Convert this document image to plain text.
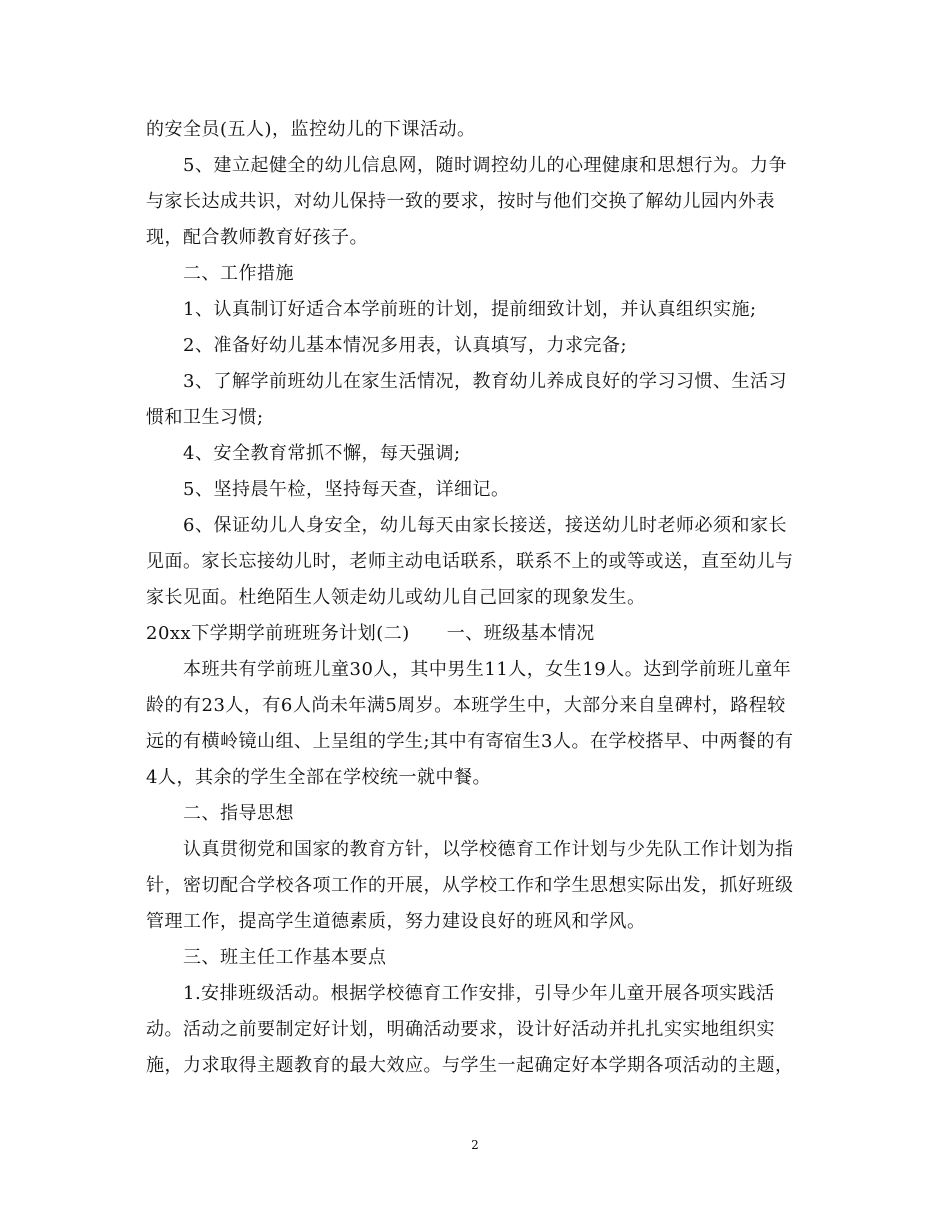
的安全员(五人)，监控幼儿的下课活动。
5、建立起健全的幼儿信息网，随时调控幼儿的心理健康和思想行为。力争
与家长达成共识，对幼儿保持一致的要求，按时与他们交换了解幼儿园内外表
现，配合教师教育好孩子。
二、工作措施
1、认真制订好适合本学前班的计划，提前细致计划，并认真组织实施;
2、准备好幼儿基本情况多用表，认真填写，力求完备;
3、了解学前班幼儿在家生活情况，教育幼儿养成良好的学习习惯、生活习
惯和卫生习惯;
4、安全教育常抓不懈，每天强调;
5、坚持晨午检，坚持每天查，详细记。
6、保证幼儿人身安全，幼儿每天由家长接送，接送幼儿时老师必须和家长
见面。家长忘接幼儿时，老师主动电话联系，联系不上的或等或送，直至幼儿与
家长见面。杜绝陌生人领走幼儿或幼儿自己回家的现象发生。
20xx下学期学前班班务计划(二)　　一、班级基本情况
本班共有学前班儿童30人，其中男生11人，女生19人。达到学前班儿童年
龄的有23人，有6人尚未年满5周岁。本班学生中，大部分来自皇碑村，路程较
远的有横岭镜山组、上呈组的学生;其中有寄宿生3人。在学校搭早、中两餐的有
4人，其余的学生全部在学校统一就中餐。
二、指导思想
认真贯彻党和国家的教育方针，以学校德育工作计划与少先队工作计划为指
针，密切配合学校各项工作的开展，从学校工作和学生思想实际出发，抓好班级
管理工作，提高学生道德素质，努力建设良好的班风和学风。
三、班主任工作基本要点
1.安排班级活动。根据学校德育工作安排，引导少年儿童开展各项实践活
动。活动之前要制定好计划，明确活动要求，设计好活动并扎扎实实地组织实
施，力求取得主题教育的最大效应。与学生一起确定好本学期各项活动的主题，
2
